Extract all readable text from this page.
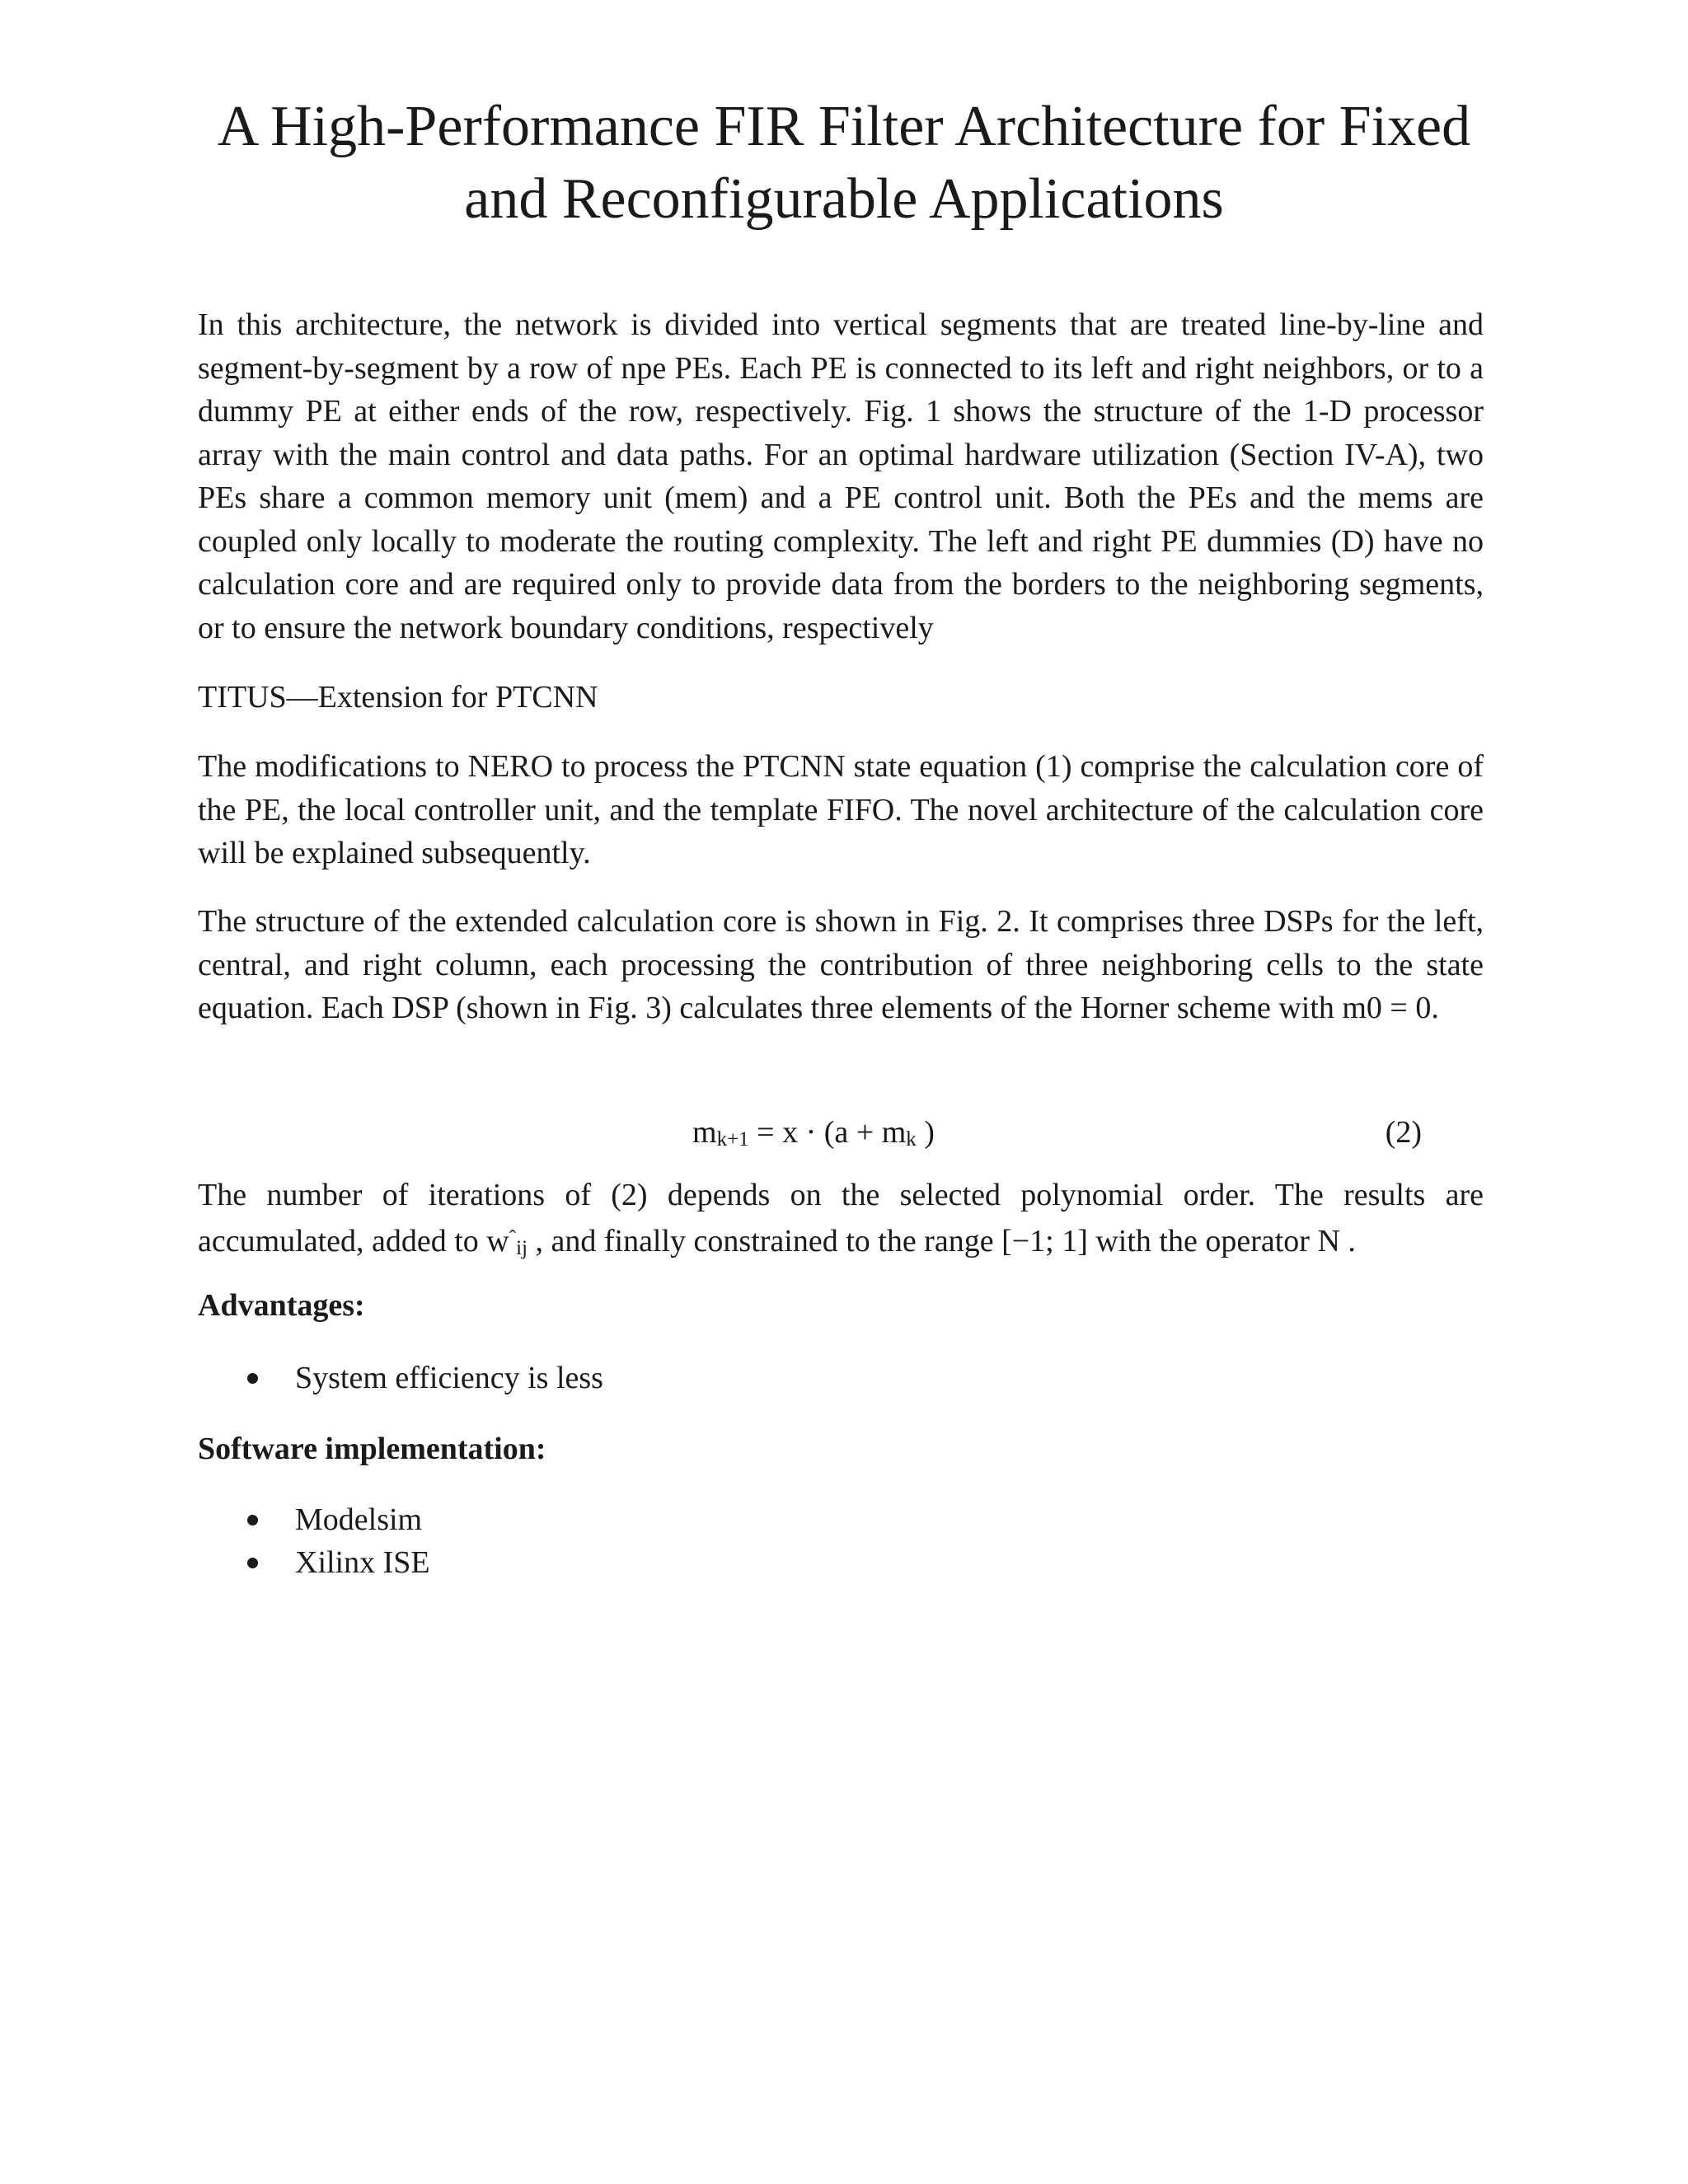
A High-Performance FIR Filter Architecture for Fixed
and Reconfigurable Applications

In this architecture, the network is divided into vertical segments that are treated line-by-line and segment-by-segment by a row of npe PEs. Each PE is connected to its left and right neighbors, or to a dummy PE at either ends of the row, respectively. Fig. 1 shows the structure of the 1-D processor array with the main control and data paths. For an optimal hardware utilization (Section IV-A), two PEs share a common memory unit (mem) and a PE control unit. Both the PEs and the mems are coupled only locally to moderate the routing complexity. The left and right PE dummies (D) have no calculation core and are required only to provide data from the borders to the neighboring segments, or to ensure the network boundary conditions, respectively

TITUS—Extension for PTCNN

The modifications to NERO to process the PTCNN state equation (1) comprise the calculation core of the PE, the local controller unit, and the template FIFO. The novel architecture of the calculation core will be explained subsequently.

The structure of the extended calculation core is shown in Fig. 2. It comprises three DSPs for the left, central, and right column, each processing the contribution of three neighboring cells to the state equation. Each DSP (shown in Fig. 3) calculates three elements of the Horner scheme with m0 = 0.

$m_{k+1} = x \cdot (a + m_k$ )	(2)

The number of iterations of (2) depends on the selected polynomial order. The results are accumulated, added to $w^ˆij$ , and finally constrained to the range [−1; 1] with the operator N .

Advantages:

System efficiency is less

Software implementation:

Modelsim
Xilinx ISE
